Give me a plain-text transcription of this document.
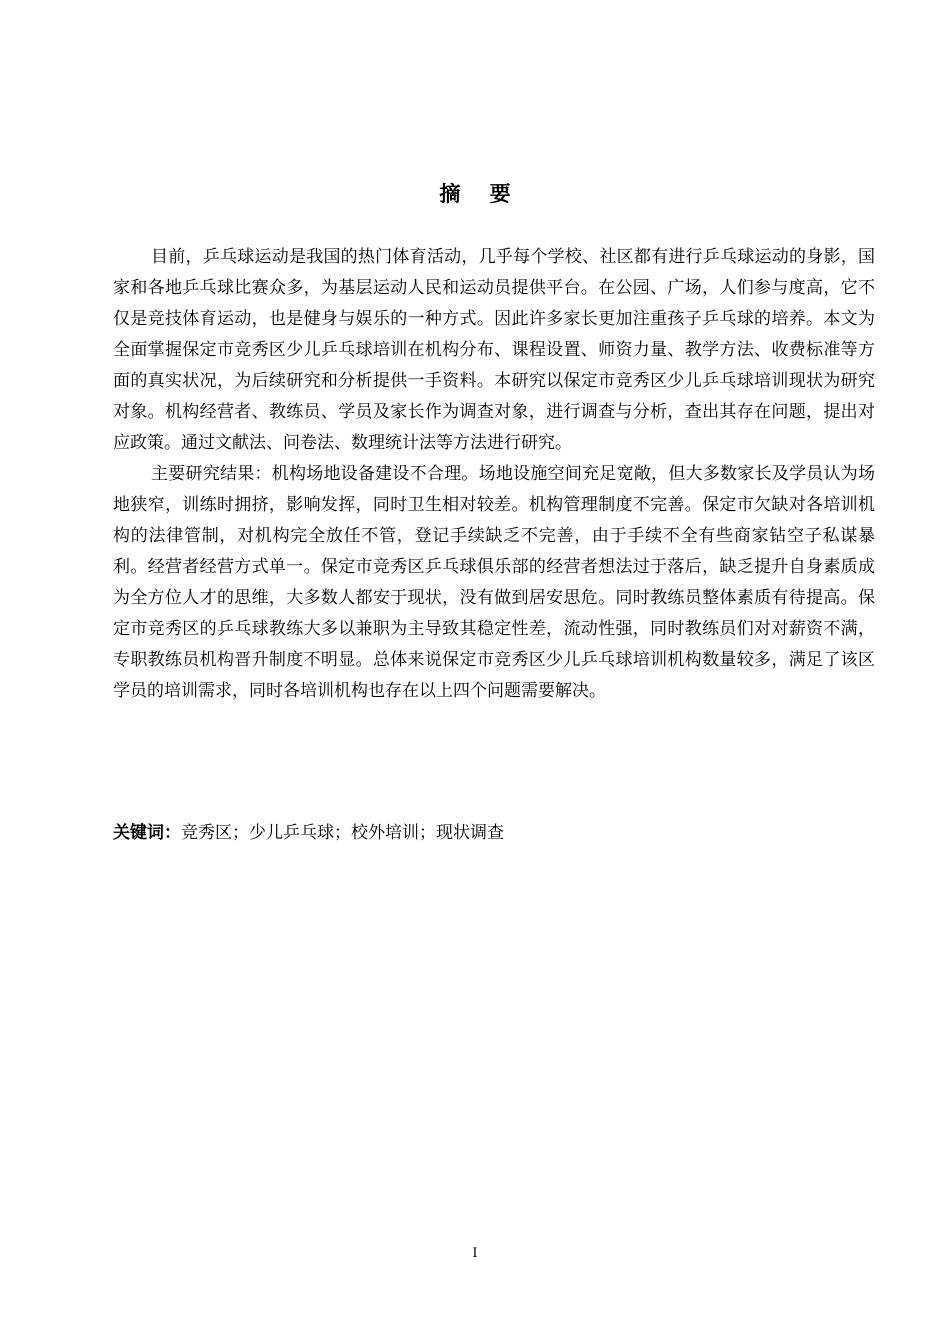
摘    要

目前，乒乓球运动是我国的热门体育活动，几乎每个学校、社区都有进行乒乓球运动的身影，国家和各地乒乓球比赛众多，为基层运动人民和运动员提供平台。在公园、广场，人们参与度高，它不仅是竞技体育运动，也是健身与娱乐的一种方式。因此许多家长更加注重孩子乒乓球的培养。本文为全面掌握保定市竞秀区少儿乒乓球培训在机构分布、课程设置、师资力量、教学方法、收费标准等方面的真实状况，为后续研究和分析提供一手资料。本研究以保定市竞秀区少儿乒乓球培训现状为研究对象。机构经营者、教练员、学员及家长作为调查对象，进行调查与分析，查出其存在问题，提出对应政策。通过文献法、问卷法、数理统计法等方法进行研究。

主要研究结果：机构场地设备建设不合理。场地设施空间充足宽敞，但大多数家长及学员认为场地狭窄，训练时拥挤，影响发挥，同时卫生相对较差。机构管理制度不完善。保定市欠缺对各培训机构的法律管制，对机构完全放任不管，登记手续缺乏不完善，由于手续不全有些商家钻空子私谋暴利。经营者经营方式单一。保定市竞秀区乒乓球俱乐部的经营者想法过于落后，缺乏提升自身素质成为全方位人才的思维，大多数人都安于现状，没有做到居安思危。同时教练员整体素质有待提高。保定市竞秀区的乒乓球教练大多以兼职为主导致其稳定性差，流动性强，同时教练员们对对薪资不满，专职教练员机构晋升制度不明显。总体来说保定市竞秀区少儿乒乓球培训机构数量较多，满足了该区学员的培训需求，同时各培训机构也存在以上四个问题需要解决。

关键词：竞秀区；少儿乒乓球；校外培训；现状调查
I
